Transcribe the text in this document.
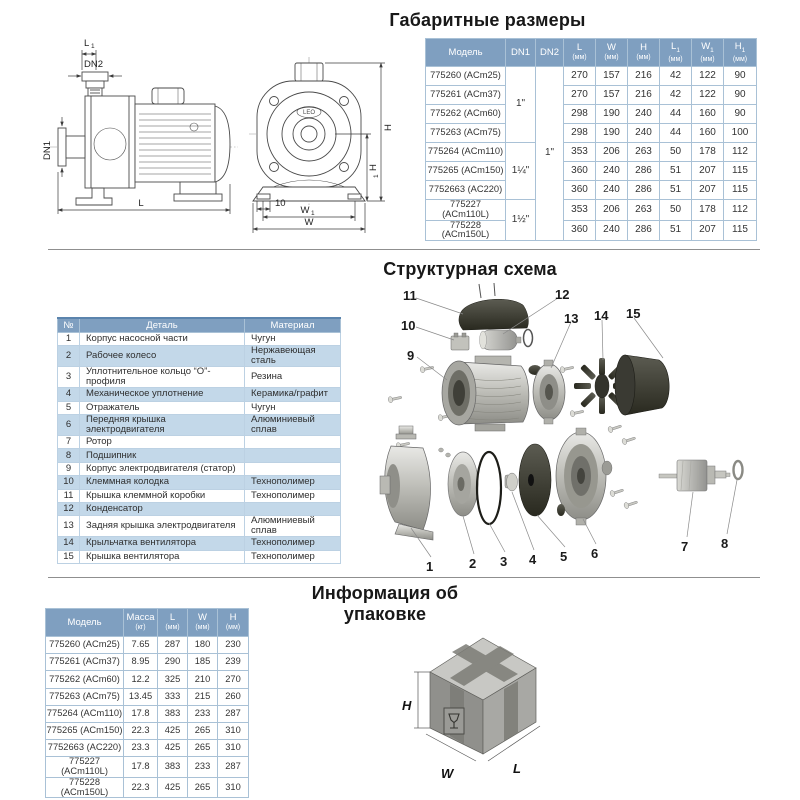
Габаритные размеры
L 1
DN2
DN1
L
LEO
H
H
1
10
W 1
W
Модель	DN1	DN2	L
(мм)

W
(мм)

H
(мм)

$L_1$
(мм)

$W_1$
(мм)

$H_1$
(мм)

775260 (ACm25)	1"	1"	270	157	216	42	122	90
775261 (ACm37)			270	157	216	42	122	90
775262 (ACm60)			298	190	240	44	160	90
775263 (ACm75)			298	190	240	44	160	100
775264 (ACm110)	1¼"		353	206	263	50	178	112
775265 (ACm150)			360	240	286	51	207	115
7752663 (AC220)			360	240	286	51	207	115
775227 (ACm110L)	1½"		353	206	263	50	178	112
775228 (ACm150L)			360	240	286	51	207	115
Структурная схема
№	Деталь	Материал
1	Корпус насосной части	Чугун
2	Рабочее колесо	Нержавеющая сталь
3	Уплотнительное кольцо “О”- профиля	Резина
4	Механическое уплотнение	Керамика/графит
5	Отражатель	Чугун
6	Передняя крышка электродвигателя	Алюминиевый сплав
7	Ротор	
8	Подшипник	
9	Корпус электродвигателя (статор)	
10	Клеммная колодка	Технополимер
11	Крышка клеммной коробки	Технополимер
12	Конденсатор	
13	Задняя крышка электродвигателя	Алюминиевый сплав
14	Крыльчатка вентилятора	Технополимер
15	Крышка вентилятора	Технополимер
11	12
13 14 15
10
9
1	2 3 4 5 6	7	8
Информация об упаковке
Модель	Масса
(кг)

L
(мм)

W
(мм)

H
(мм)

775260 (ACm25)	7.65	287	180	230
775261 (ACm37)	8.95	290	185	239
775262 (ACm60)	12.2	325	210	270
775263 (ACm75)	13.45	333	215	260
775264 (ACm110)	17.8	383	233	287
775265 (ACm150)	22.3	425	265	310
7752663 (AC220)	23.3	425	265	310
775227 (ACm110L)	17.8	383	233	287
775228 (ACm150L)	22.3	425	265	310
H
W	L
